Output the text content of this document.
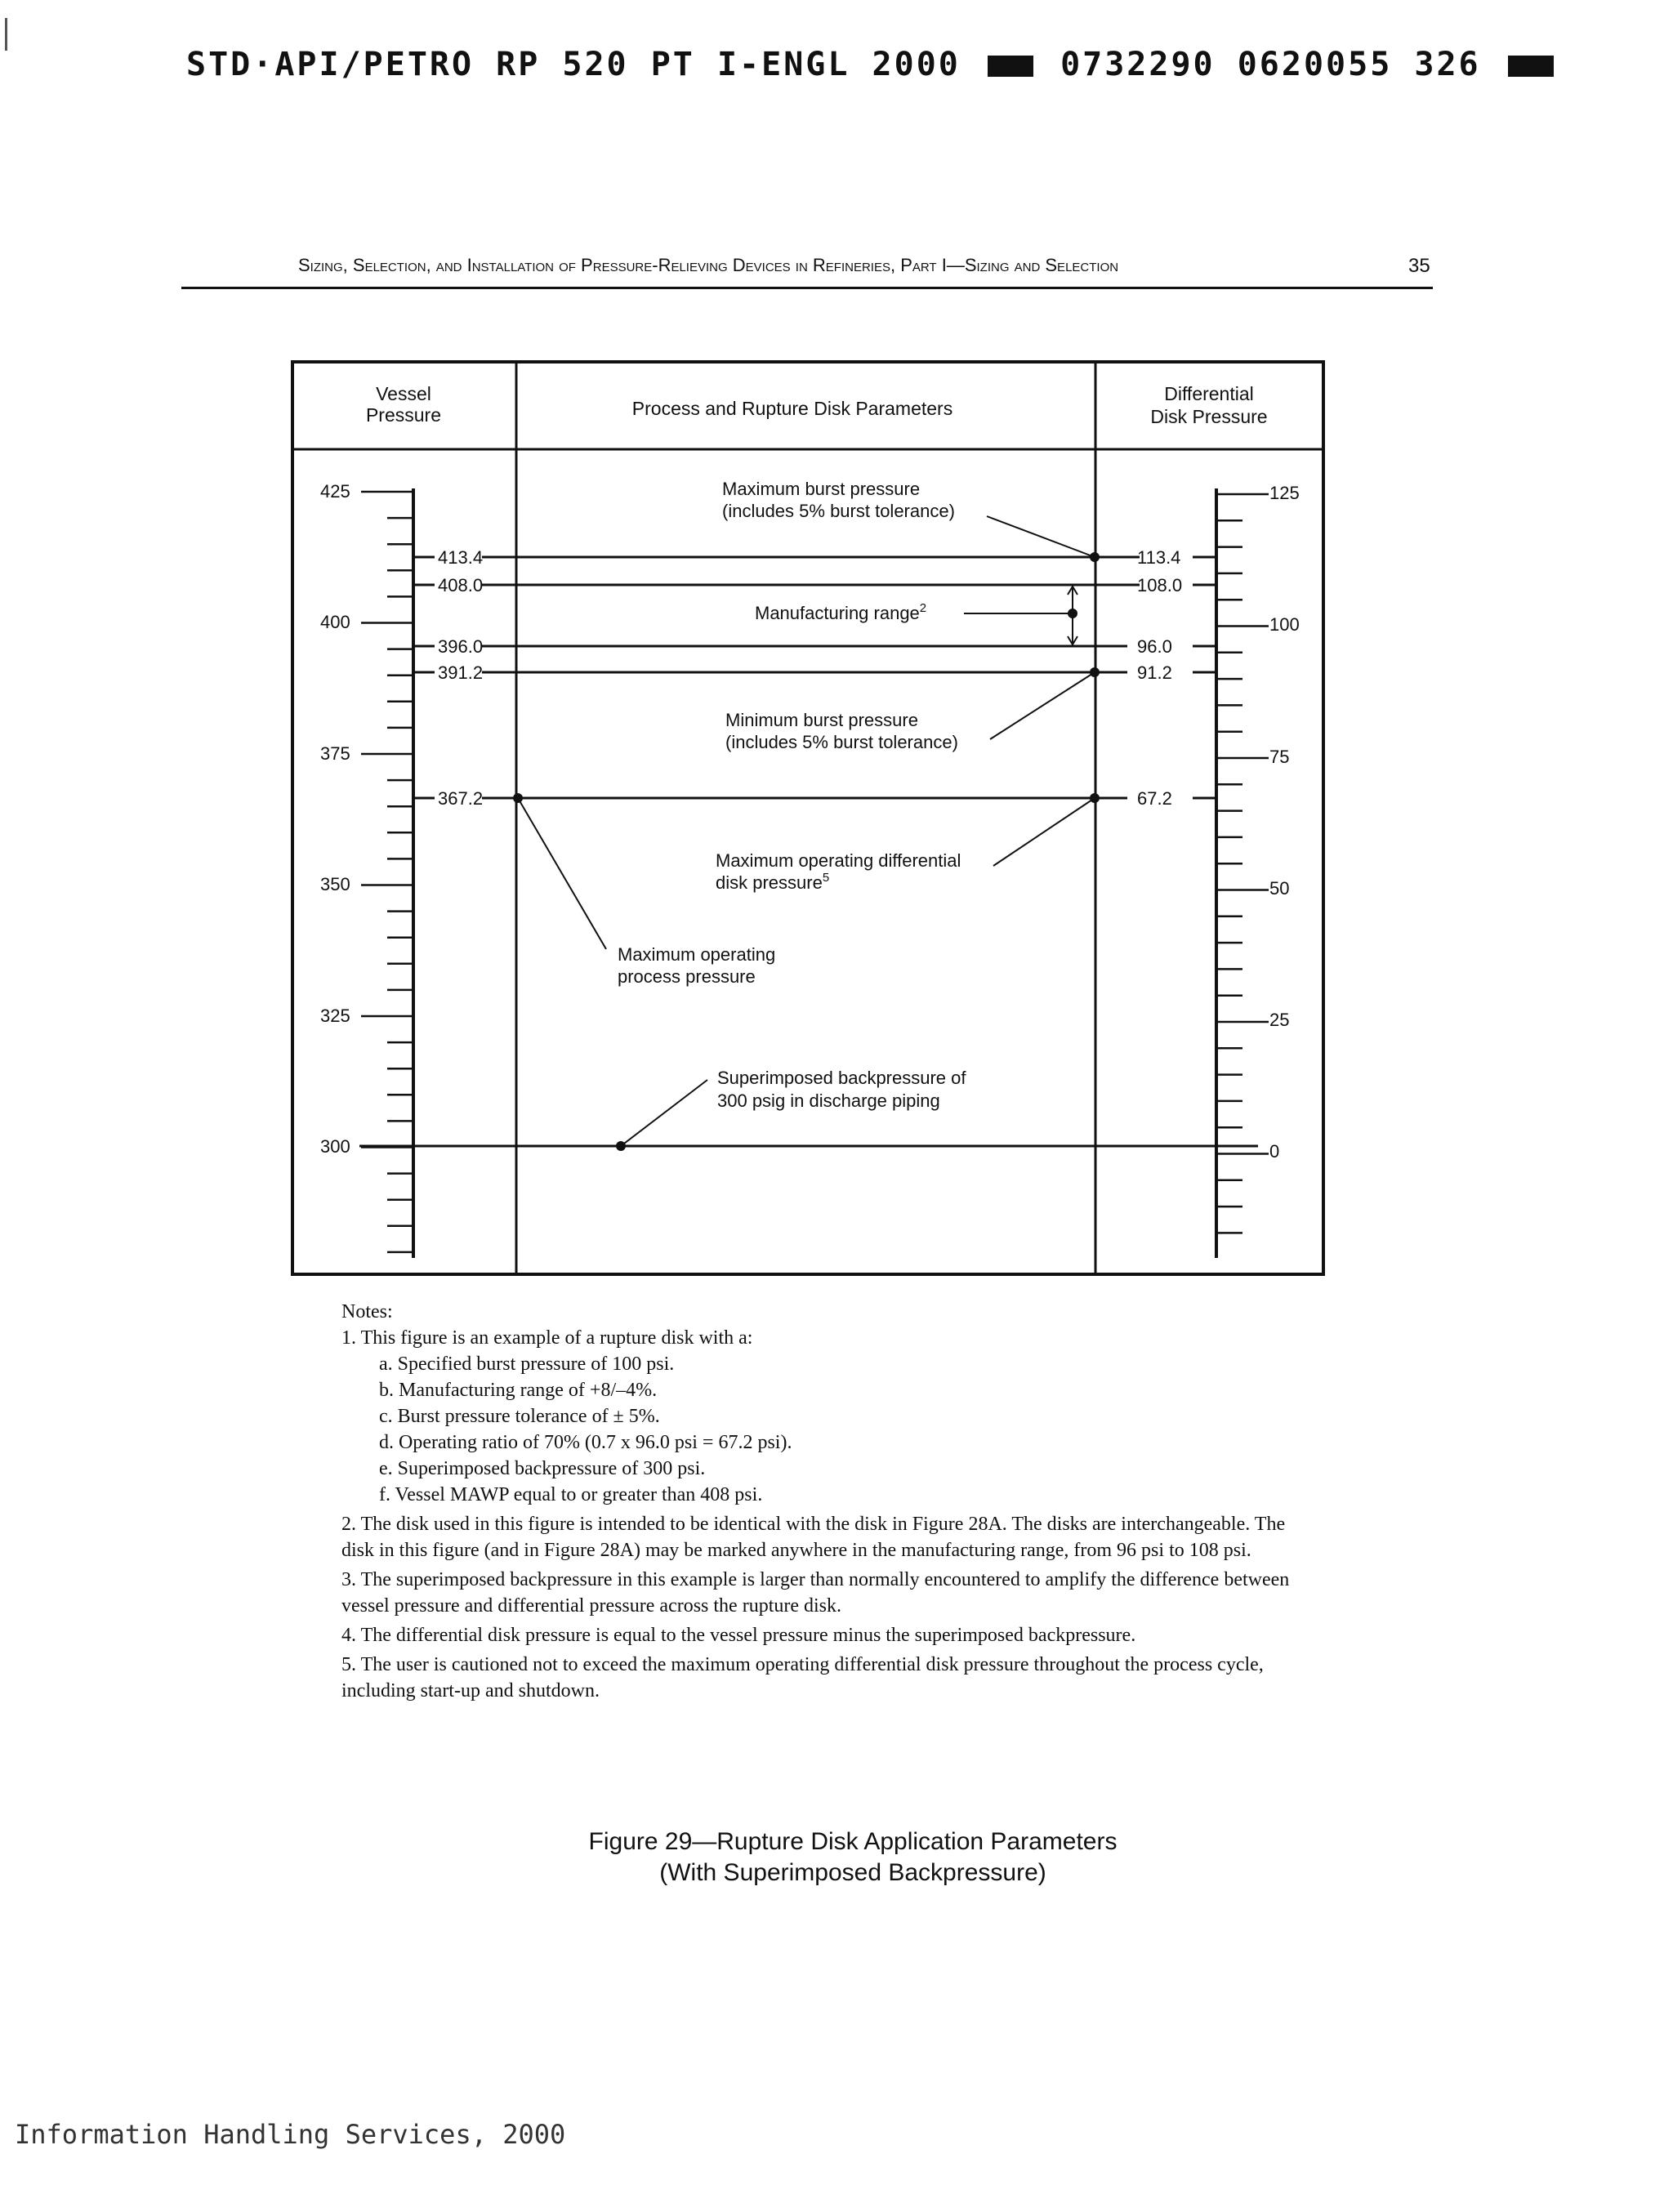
STD·API/PETRO RP 520 PT I-ENGL 2000	0732290 0620055 326
Sizing, Selection, and Installation of Pressure-Relieving Devices in Refineries, Part I—Sizing and Selection	35
Vessel
Pressure	Process and Rupture Disk Parameters
Differential
Disk Pressure
425
400
375
350
325
300
125
100
75
50
25
0
413.4
408.0
396.0
391.2
367.2
113.4
108.0
96.0
91.2
67.2
Maximum burst pressure
(includes 5% burst tolerance)
Manufacturing range$^2$
Minimum burst pressure
(includes 5% burst tolerance)
Maximum operating differential
disk pressure$^5$
Maximum operating
process pressure
Superimposed backpressure of
300 psig in discharge piping

Notes:

1. This figure is an example of a rupture disk with a:

a. Specified burst pressure of 100 psi.

b. Manufacturing range of +8/–4%.

c. Burst pressure tolerance of ± 5%.

d. Operating ratio of 70% (0.7 x 96.0 psi = 67.2 psi).

e. Superimposed backpressure of 300 psi.

f. Vessel MAWP equal to or greater than 408 psi.

2. The disk used in this figure is intended to be identical with the disk in Figure 28A. The disks are interchangeable. The disk in this figure (and in Figure 28A) may be marked anywhere in the manufacturing range, from 96 psi to 108 psi.

3. The superimposed backpressure in this example is larger than normally encountered to amplify the difference between vessel pressure and differential pressure across the rupture disk.

4. The differential disk pressure is equal to the vessel pressure minus the superimposed backpressure.

5. The user is cautioned not to exceed the maximum operating differential disk pressure throughout the process cycle, including start-up and shutdown.

Figure 29—Rupture Disk Application Parameters
(With Superimposed Backpressure)
Information Handling Services, 2000
